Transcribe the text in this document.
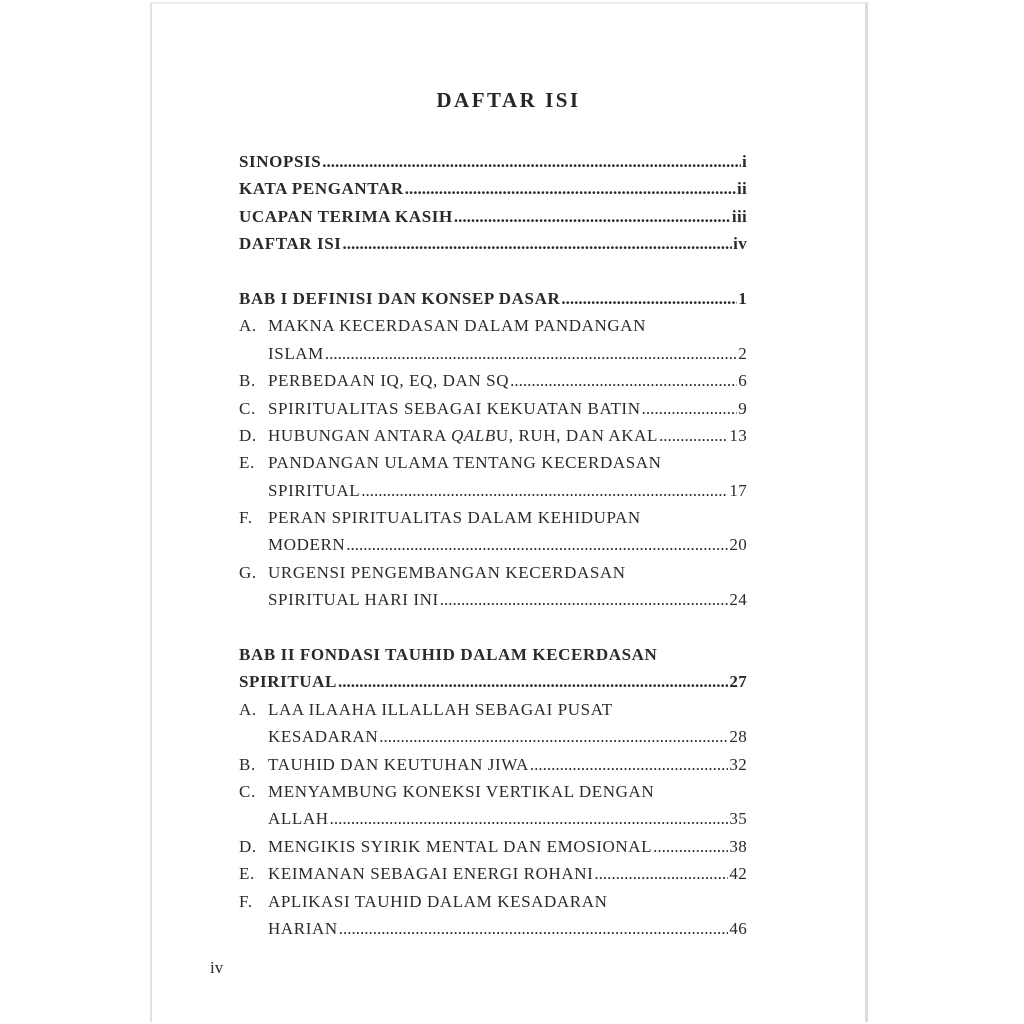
DAFTAR ISI
SINOPSIS .....	i
KATA PENGANTAR .....	ii
UCAPAN TERIMA KASIH .....	iii
DAFTAR ISI .....	iv
BAB I DEFINISI DAN KONSEP DASAR .....	1
A. MAKNA KECERDASAN DALAM PANDANGAN
ISLAM .....	2
B. PERBEDAAN IQ, EQ, DAN SQ .....	6
C. SPIRITUALITAS SEBAGAI KEKUATAN BATIN .....	9
D. HUBUNGAN ANTARA QALBU, RUH, DAN AKAL .....	13
E. PANDANGAN ULAMA TENTANG KECERDASAN
SPIRITUAL .....	17
F. PERAN SPIRITUALITAS DALAM KEHIDUPAN
MODERN .....	20
G. URGENSI PENGEMBANGAN KECERDASAN
SPIRITUAL HARI INI .....	24
BAB II FONDASI TAUHID DALAM KECERDASAN
SPIRITUAL .....	27
A. LAA ILAAHA ILLALLAH SEBAGAI PUSAT
KESADARAN .....	28
B. TAUHID DAN KEUTUHAN JIWA .....	32
C. MENYAMBUNG KONEKSI VERTIKAL DENGAN
ALLAH .....	35
D. MENGIKIS SYIRIK MENTAL DAN EMOSIONAL .....	38
E. KEIMANAN SEBAGAI ENERGI ROHANI .....	42
F. APLIKASI TAUHID DALAM KESADARAN
HARIAN .....	46
iv
